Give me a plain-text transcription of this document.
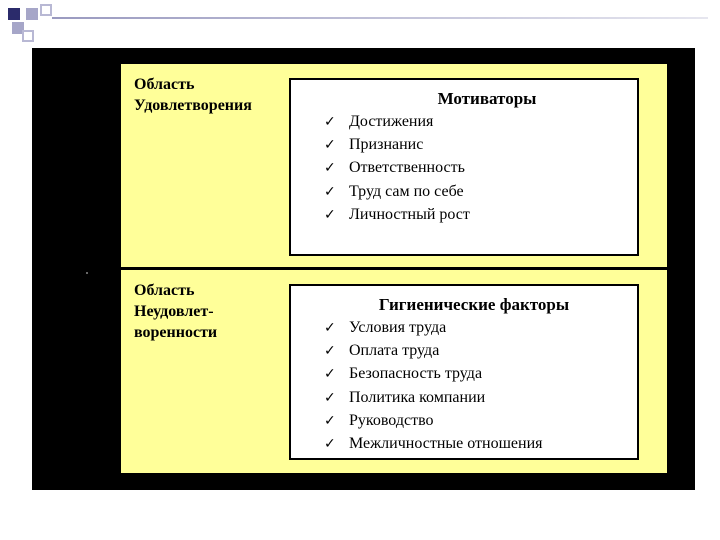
Область
Удовлетворения	Мотиваторы
✓ Достижения
✓ Признанис
✓ Ответственность
✓ Труд сам по себе
✓ Личностный рост
Область
Неудовлет-
воренности
Гигиенические факторы
✓ Условия труда
✓ Оплата труда
✓ Безопасность труда
✓ Политика компании
✓ Руководство
✓ Межличностные отношения
